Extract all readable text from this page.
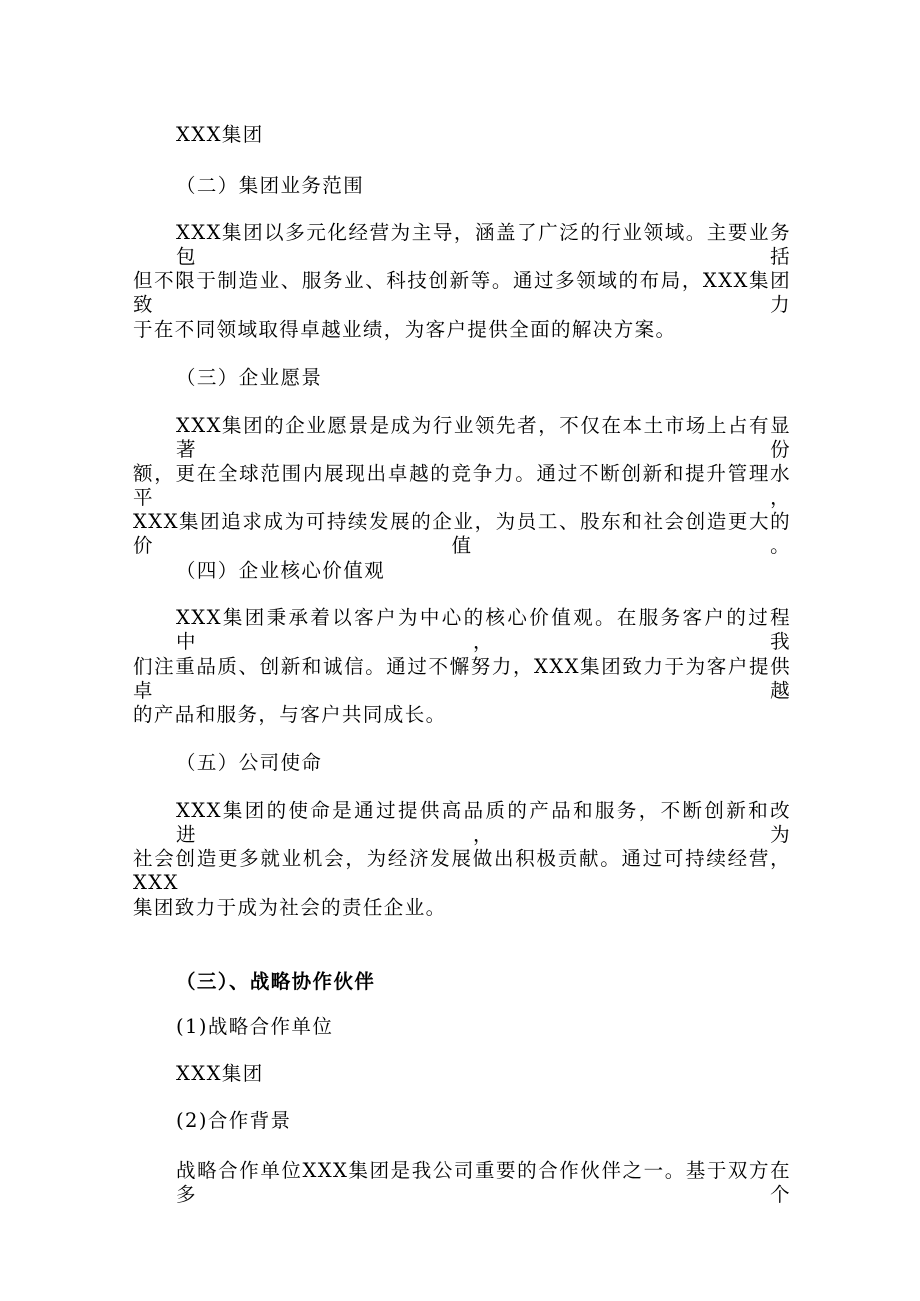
XXX集团
（二）集团业务范围
XXX集团以多元化经营为主导，涵盖了广泛的行业领域。主要业务包括
但不限于制造业、服务业、科技创新等。通过多领域的布局，XXX集团致力
于在不同领域取得卓越业绩，为客户提供全面的解决方案。
（三）企业愿景
XXX集团的企业愿景是成为行业领先者，不仅在本土市场上占有显著份
额，更在全球范围内展现出卓越的竞争力。通过不断创新和提升管理水平，
XXX集团追求成为可持续发展的企业，为员工、股东和社会创造更大的价值。
（四）企业核心价值观
XXX集团秉承着以客户为中心的核心价值观。在服务客户的过程中，我
们注重品质、创新和诚信。通过不懈努力，XXX集团致力于为客户提供卓越
的产品和服务，与客户共同成长。
（五）公司使命
XXX集团的使命是通过提供高品质的产品和服务，不断创新和改进，为
社会创造更多就业机会，为经济发展做出积极贡献。通过可持续经营，XXX
集团致力于成为社会的责任企业。
（三）、战略协作伙伴
(1)战略合作单位
XXX集团
(2)合作背景
战略合作单位XXX集团是我公司重要的合作伙伴之一。基于双方在多个
